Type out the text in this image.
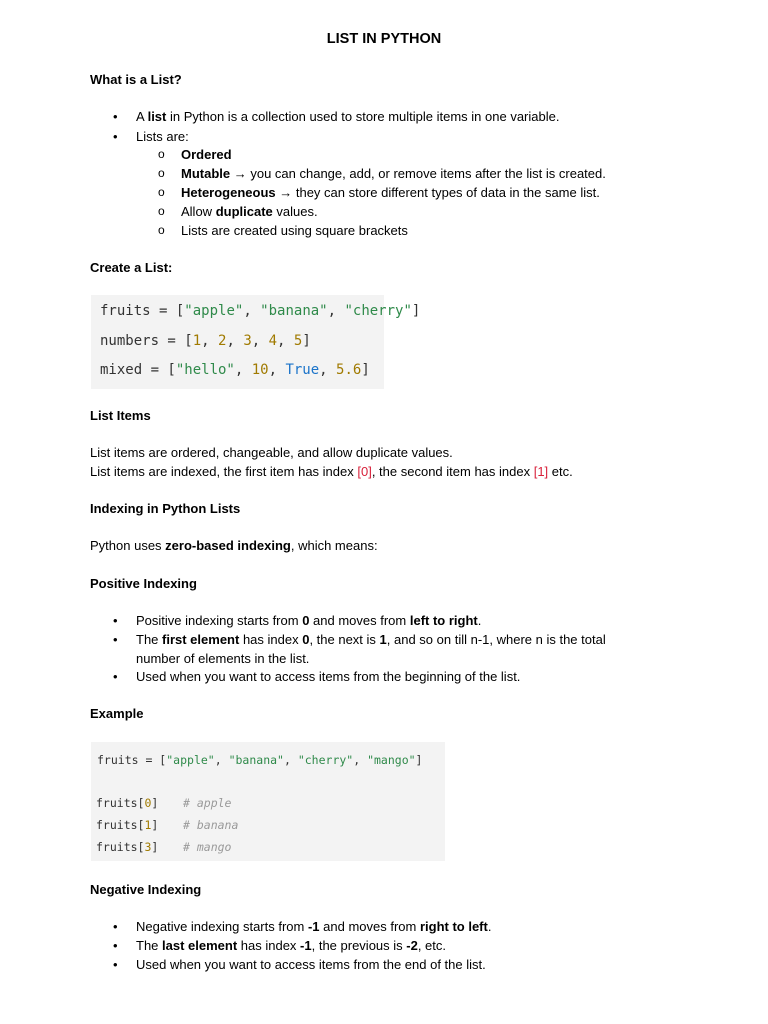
LIST IN PYTHON
What is a List?
• A list in Python is a collection used to store multiple items in one variable.
• Lists are:
o Ordered
o Mutable → you can change, add, or remove items after the list is created.
o Heterogeneous → they can store different types of data in the same list.
o Allow duplicate values.
o Lists are created using square brackets
Create a List:
fruits = ["apple", "banana", "cherry"]
numbers = [1, 2, 3, 4, 5]
mixed = ["hello", 10, True, 5.6]
List Items
List items are ordered, changeable, and allow duplicate values.
List items are indexed, the first item has index [0], the second item has index [1] etc.
Indexing in Python Lists
Python uses zero-based indexing, which means:
Positive Indexing
• Positive indexing starts from 0 and moves from left to right.
• The first element has index 0, the next is 1, and so on till n-1, where n is the total
number of elements in the list.
• Used when you want to access items from the beginning of the list.
Example
fruits = ["apple", "banana", "cherry", "mango"]
fruits[0] # apple
fruits[1] # banana
fruits[3] # mango
Negative Indexing
• Negative indexing starts from -1 and moves from right to left.
• The last element has index -1, the previous is -2, etc.
• Used when you want to access items from the end of the list.
